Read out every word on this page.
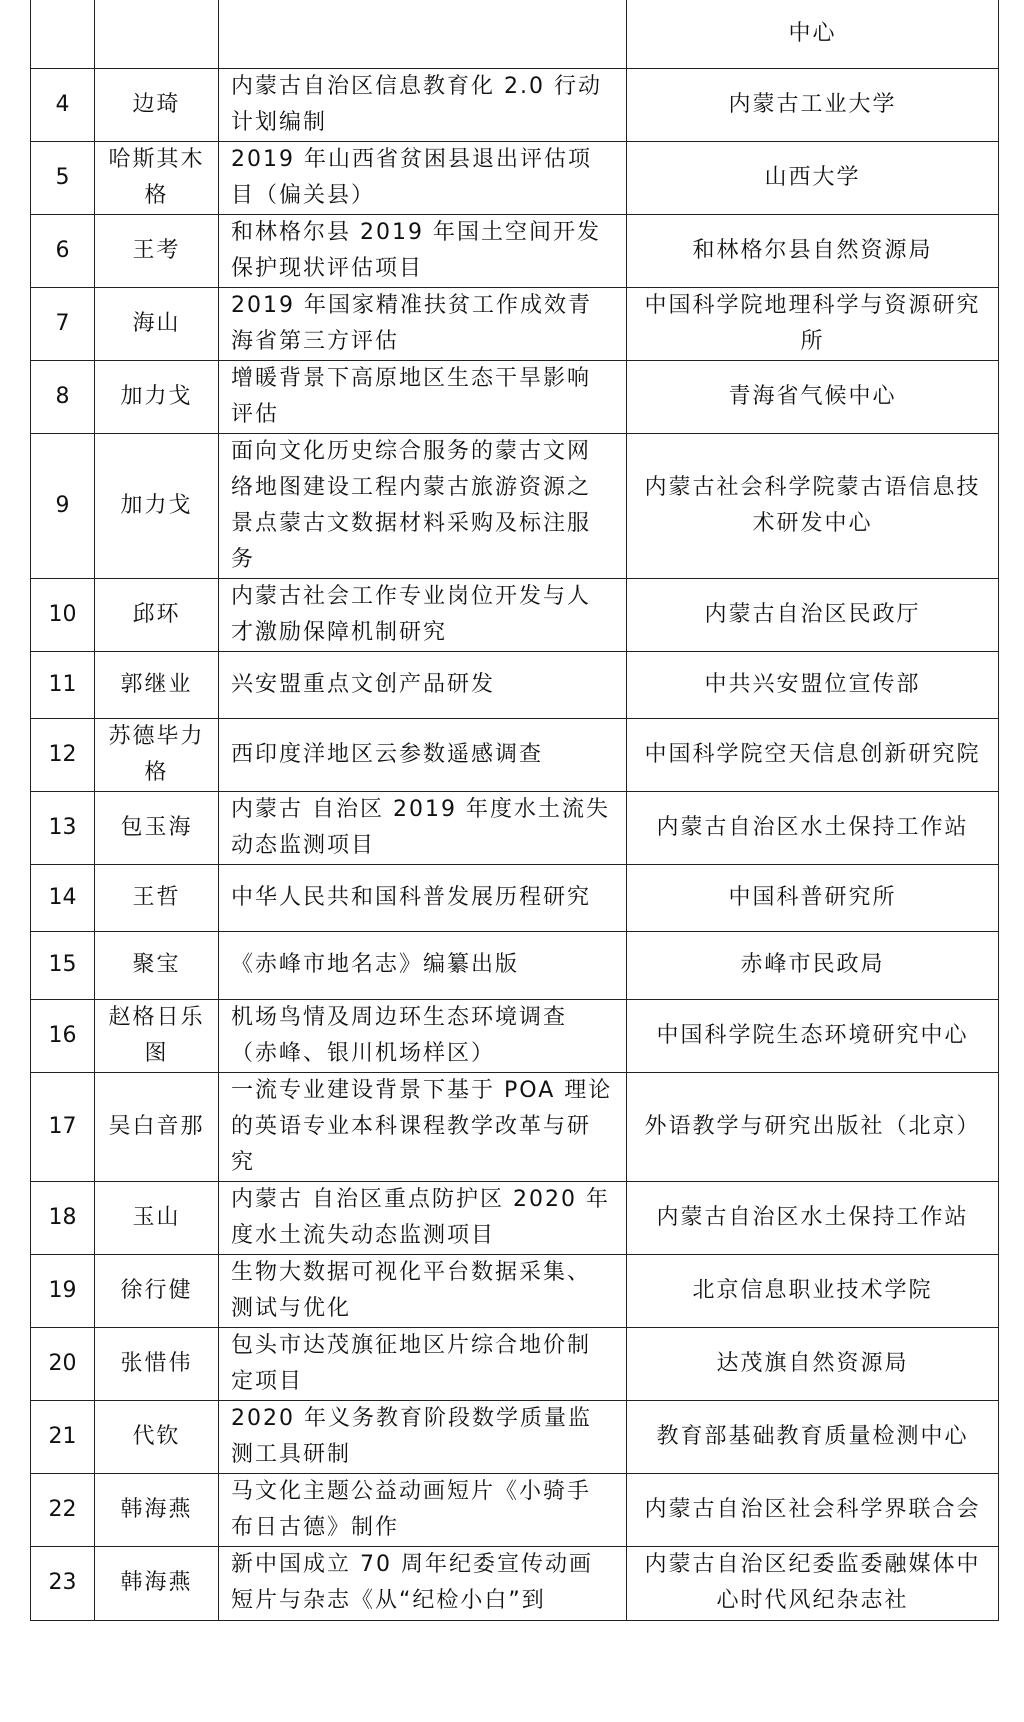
			中心
4	边琦	内蒙古自治区信息教育化 2.0 行动计划编制	内蒙古工业大学
5	哈斯其木格	2019 年山西省贫困县退出评估项目（偏关县）	山西大学
6	王考	和林格尔县 2019 年国土空间开发保护现状评估项目	和林格尔县自然资源局
7	海山	2019 年国家精准扶贫工作成效青海省第三方评估	中国科学院地理科学与资源研究所
8	加力戈	增暖背景下高原地区生态干旱影响评估	青海省气候中心
9	加力戈	面向文化历史综合服务的蒙古文网络地图建设工程内蒙古旅游资源之景点蒙古文数据材料采购及标注服务	内蒙古社会科学院蒙古语信息技术研发中心
10	邱环	内蒙古社会工作专业岗位开发与人才激励保障机制研究	内蒙古自治区民政厅
11	郭继业	兴安盟重点文创产品研发	中共兴安盟位宣传部
12	苏德毕力格	西印度洋地区云参数遥感调查	中国科学院空天信息创新研究院
13	包玉海	内蒙古 自治区 2019 年度水土流失动态监测项目	内蒙古自治区水土保持工作站
14	王哲	中华人民共和国科普发展历程研究	中国科普研究所
15	聚宝	《赤峰市地名志》编纂出版	赤峰市民政局
16	赵格日乐图	机场鸟情及周边环生态环境调查（赤峰、银川机场样区）	中国科学院生态环境研究中心
17	吴白音那	一流专业建设背景下基于 POA 理论的英语专业本科课程教学改革与研究	外语教学与研究出版社（北京）
18	玉山	内蒙古 自治区重点防护区 2020 年度水土流失动态监测项目	内蒙古自治区水土保持工作站
19	徐行健	生物大数据可视化平台数据采集、测试与优化	北京信息职业技术学院
20	张惜伟	包头市达茂旗征地区片综合地价制定项目	达茂旗自然资源局
21	代钦	2020 年义务教育阶段数学质量监测工具研制	教育部基础教育质量检测中心
22	韩海燕	马文化主题公益动画短片《小骑手布日古德》制作	内蒙古自治区社会科学界联合会
23	韩海燕	新中国成立 70 周年纪委宣传动画短片与杂志《从“纪检小白”到	内蒙古自治区纪委监委融媒体中心时代风纪杂志社
